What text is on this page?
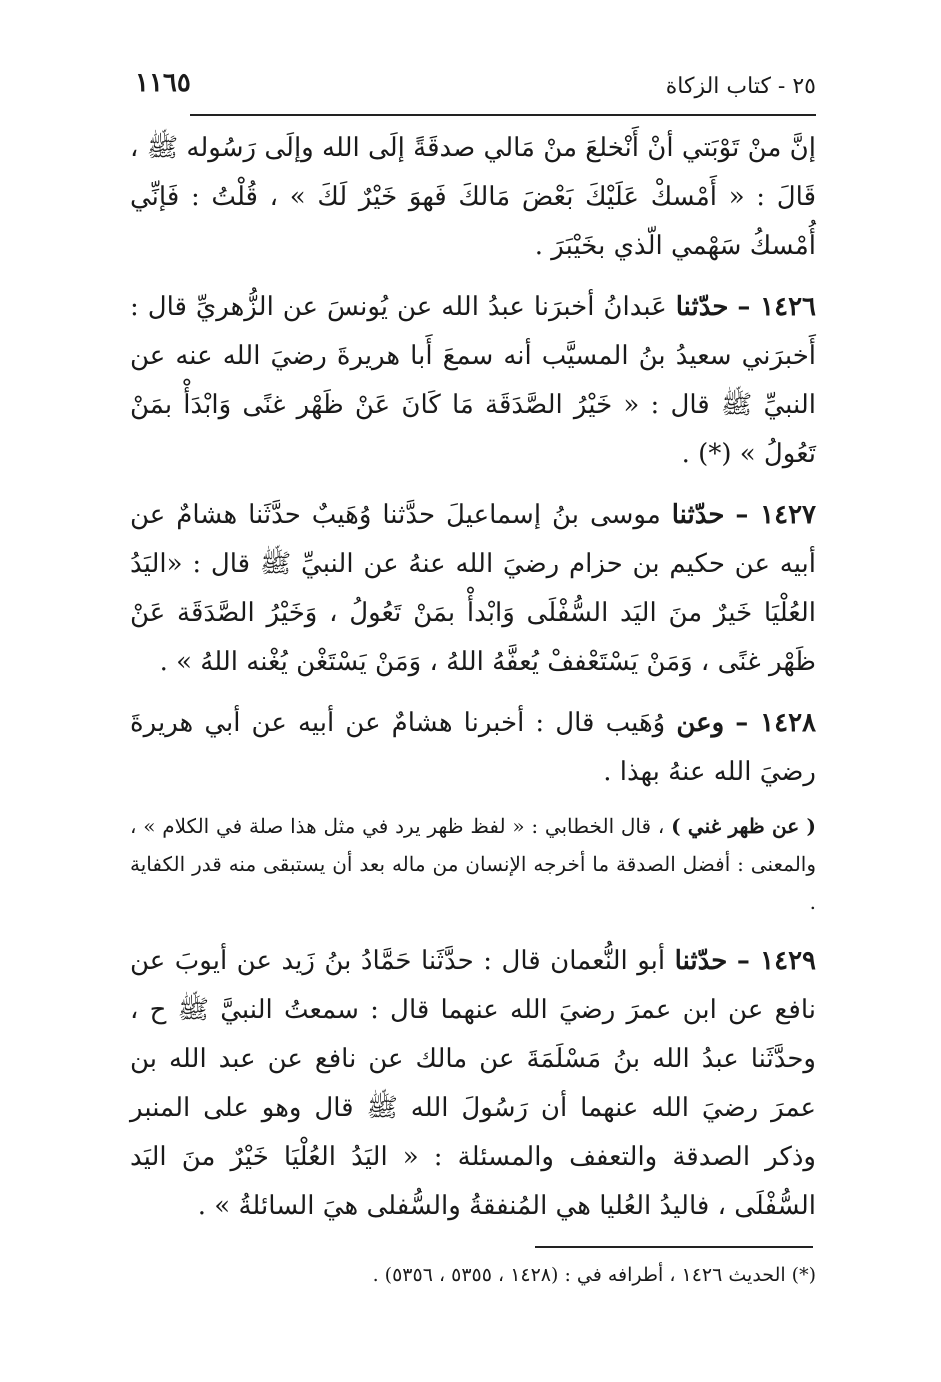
١١٦٥	٢٥ - كتاب الزكاة

إنَّ منْ تَوْبَتي أنْ أَنْخلعَ منْ مَالي صدقَةً إلَى الله وإلَى رَسُوله ﷺ ، قَالَ : « أَمْسكْ عَلَيْكَ بَعْضَ مَالكَ فَهوَ خَيْرٌ لَكَ » ، قُلْتُ : فَإنِّي أُمْسكُ سَهْمي الّذي بخَيْبَرَ .

١٤٢٦ – حدّثنا عَبدانُ أخبرَنا عبدُ الله عن يُونسَ عن الزُّهريِّ قال : أَخبرَني سعيدُ بنُ المسيَّب أنه سمعَ أَبا هريرةَ رضيَ الله عنه عن النبيِّ ﷺ قال : « خَيْرُ الصَّدَقَة مَا كَانَ عَنْ ظَهْر غنًى وَابْدَأْ بمَنْ تَعُولُ » (*) .

١٤٢٧ – حدّثنا موسى بنُ إسماعيلَ حدَّثنا وُهَيبٌ حدَّثَنا هشامٌ عن أبيه عن حكيم بن حزام رضيَ الله عنهُ عن النبيِّ ﷺ قال : «اليَدُ العُلْيَا خَيرٌ منَ اليَد السُّفْلَى وَابْدأْ بمَنْ تَعُولُ ، وَخَيْرُ الصَّدَقَة عَنْ ظَهْر غنًى ، وَمَنْ يَسْتَعْففْ يُعفَّهُ اللهُ ، وَمَنْ يَسْتَغْن يُغْنه اللهُ » .

١٤٢٨ – وعن وُهَيب قال : أخبرنا هشامٌ عن أبيه عن أبي هريرةَ رضيَ الله عنهُ بهذا .

( عن ظهر غني ) ، قال الخطابي : « لفظ ظهر يرد في مثل هذا صلة في الكلام » ، والمعنى : أفضل الصدقة ما أخرجه الإنسان من ماله بعد أن يستبقى منه قدر الكفاية .

١٤٢٩ – حدّثنا أبو النُّعمان قال : حدَّثَنا حَمَّادُ بنُ زَيد عن أيوبَ عن نافع عن ابن عمرَ رضيَ الله عنهما قال : سمعتُ النبيَّ ﷺ ح ، وحدَّثَنا عبدُ الله بنُ مَسْلَمَةَ عن مالك عن نافع عن عبد الله بن عمرَ رضيَ الله عنهما أن رَسُولَ الله ﷺ قال وهو على المنبر وذكر الصدقة والتعفف والمسئلة : « اليَدُ العُلْيَا خَيْرٌ منَ اليَد السُّفْلَى ، فاليدُ العُليا هي المُنفقةُ والسُّفلى هيَ السائلةُ » .

(*) الحديث ١٤٢٦ ، أطرافه في : (١٤٢٨ ، ٥٣٥٥ ، ٥٣٥٦) .
